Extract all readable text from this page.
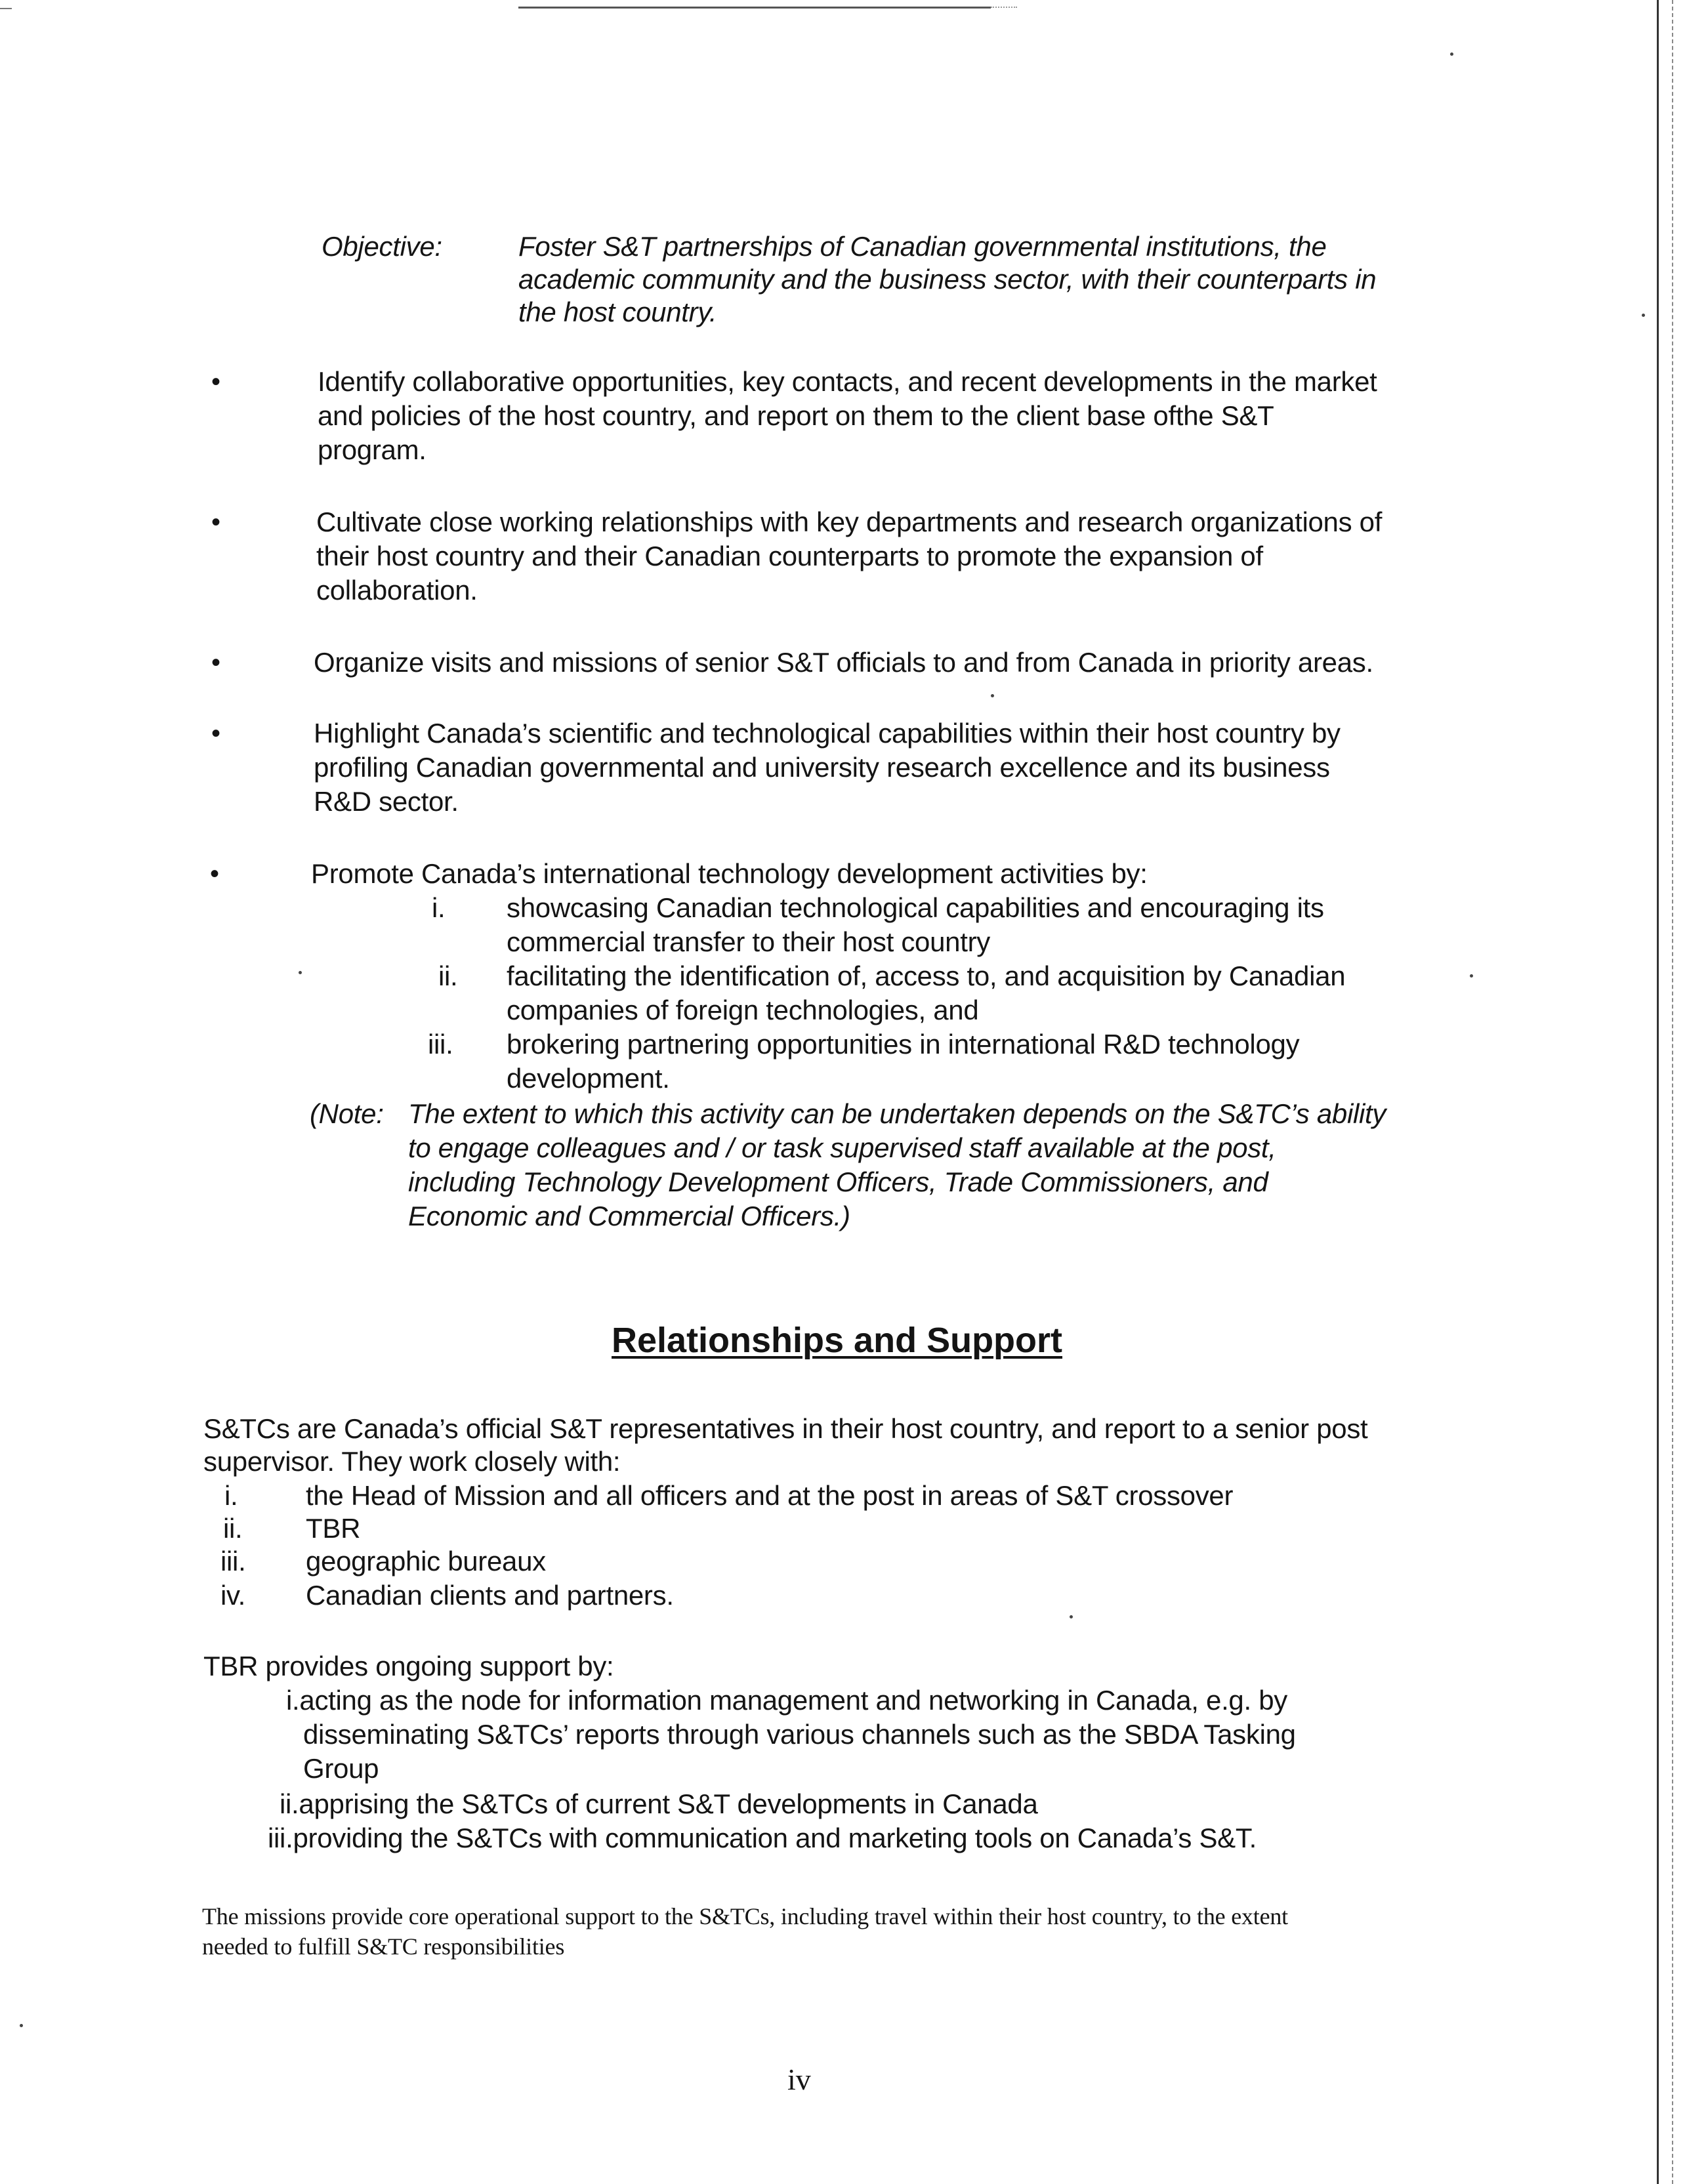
Objective:	Foster S&T partnerships of Canadian governmental institutions, the
academic community and the business sector, with their counterparts in
the host country.
•	Identify collaborative opportunities, key contacts, and recent developments in the market
and policies of the host country, and report on them to the client base ofthe S&T
program.
•	Cultivate close working relationships with key departments and research organizations of
their host country and their Canadian counterparts to promote the expansion of
collaboration.
•	Organize visits and missions of senior S&T officials to and from Canada in priority areas.
•	Highlight Canada’s scientific and technological capabilities within their host country by
profiling Canadian governmental and university research excellence and its business
R&D sector.
•	Promote Canada’s international technology development activities by:
i. showcasing Canadian technological capabilities and encouraging its
commercial transfer to their host country
ii. facilitating the identification of, access to, and acquisition by Canadian
companies of foreign technologies, and
iii. brokering partnering opportunities in international R&D technology
development.
(Note: The extent to which this activity can be undertaken depends on the S&TC’s ability
to engage colleagues and / or task supervised staff available at the post,
including Technology Development Officers, Trade Commissioners, and
Economic and Commercial Officers.)
Relationships and Support
S&TCs are Canada’s official S&T representatives in their host country, and report to a senior post
supervisor. They work closely with:
i. the Head of Mission and all officers and at the post in areas of S&T crossover
ii. TBR
iii. geographic bureaux
iv. Canadian clients and partners.
TBR provides ongoing support by:
i.acting as the node for information management and networking in Canada, e.g. by
disseminating S&TCs’ reports through various channels such as the SBDA Tasking
Group
ii.apprising the S&TCs of current S&T developments in Canada
iii.providing the S&TCs with communication and marketing tools on Canada’s S&T.
The missions provide core operational support to the S&TCs, including travel within their host country, to the extent
needed to fulfill S&TC responsibilities
iv
